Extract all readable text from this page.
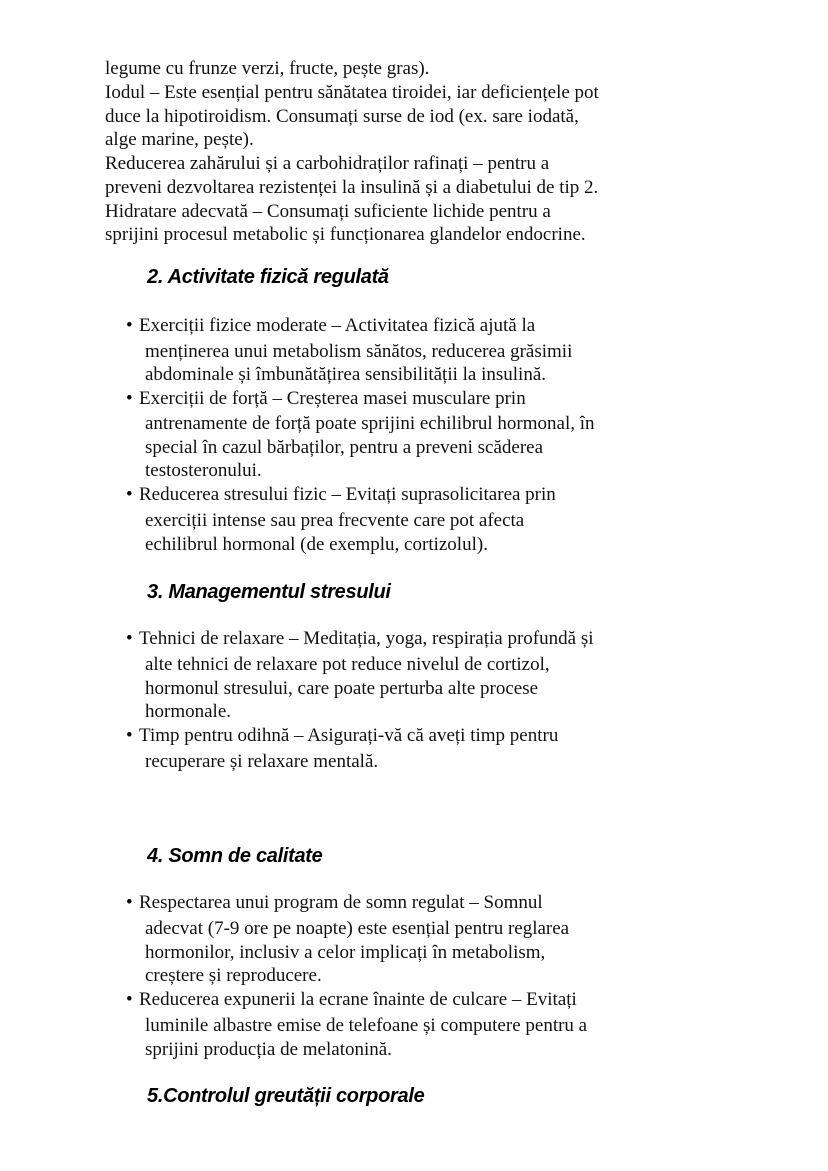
legume cu frunze verzi, fructe, pește gras).
Iodul – Este esențial pentru sănătatea tiroidei, iar deficiențele pot
duce la hipotiroidism. Consumați surse de iod (ex. sare iodată,
alge marine, pește).
Reducerea zahărului și a carbohidraților rafinați – pentru a
preveni dezvoltarea rezistenței la insulină și a diabetului de tip 2.
Hidratare adecvată – Consumați suficiente lichide pentru a
sprijini procesul metabolic și funcționarea glandelor endocrine.
2. Activitate fizică regulată
• Exerciții fizice moderate – Activitatea fizică ajută la
menținerea unui metabolism sănătos, reducerea grăsimii
abdominale și îmbunătățirea sensibilității la insulină.
• Exerciții de forță – Creșterea masei musculare prin
antrenamente de forță poate sprijini echilibrul hormonal, în
special în cazul bărbaților, pentru a preveni scăderea
testosteronului.
• Reducerea stresului fizic – Evitați suprasolicitarea prin
exerciții intense sau prea frecvente care pot afecta
echilibrul hormonal (de exemplu, cortizolul).
3. Managementul stresului
• Tehnici de relaxare – Meditația, yoga, respirația profundă și
alte tehnici de relaxare pot reduce nivelul de cortizol,
hormonul stresului, care poate perturba alte procese
hormonale.
• Timp pentru odihnă – Asigurați-vă că aveți timp pentru
recuperare și relaxare mentală.
4. Somn de calitate
• Respectarea unui program de somn regulat – Somnul
adecvat (7-9 ore pe noapte) este esențial pentru reglarea
hormonilor, inclusiv a celor implicați în metabolism,
creștere și reproducere.
• Reducerea expunerii la ecrane înainte de culcare – Evitați
luminile albastre emise de telefoane și computere pentru a
sprijini producția de melatonină.
5.Controlul greutății corporale
